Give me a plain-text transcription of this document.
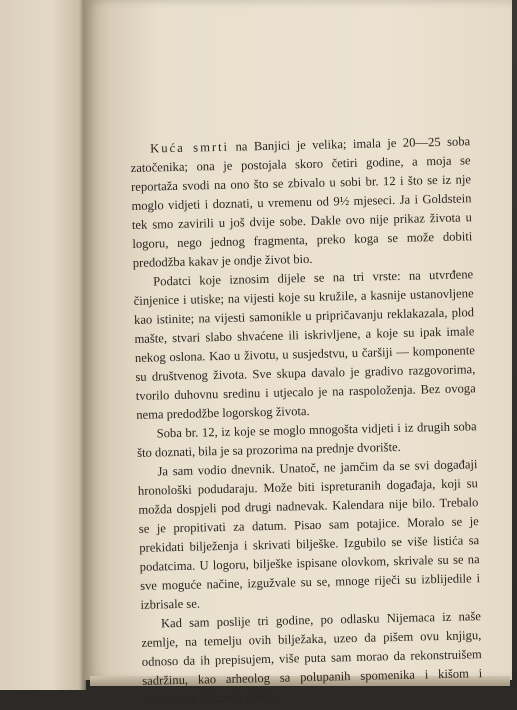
Kuća smrti na Banjici je velika; imala je 20—25 soba zatočenika; ona je postojala skoro četiri godine, a moja se reportaža svodi na ono što se zbivalo u sobi br. 12 i što se iz nje moglo vidjeti i doznati, u vremenu od 9½ mjeseci. Ja i Goldstein tek smo zavirili u još dvije sobe. Dakle ovo nije prikaz života u logoru, nego jednog fragmenta, preko koga se može dobiti predodžba kakav je ondje život bio.

Podatci koje iznosim dijele se na tri vrste: na utvrđene činjenice i utiske; na vijesti koje su kružile, a kasnije ustanovljene kao istinite; na vijesti samonikle u pripričavanju reklakazala, plod mašte, stvari slabo shvaćene ili iskrivljene, a koje su ipak imale nekog oslona. Kao u životu, u susjedstvu, u čaršiji — komponente su društvenog života. Sve skupa davalo je gradivo razgovorima, tvorilo duhovnu sredinu i utjecalo je na raspoloženja. Bez ovoga nema predodžbe logorskog života.

Soba br. 12, iz koje se moglo mnogošta vidjeti i iz drugih soba što doznati, bila je sa prozorima na prednje dvorište.

Ja sam vodio dnevnik. Unatoč, ne jamčim da se svi događaji hronološki podudaraju. Može biti ispreturanih događaja, koji su možda dospjeli pod drugi nadnevak. Kalendara nije bilo. Trebalo se je propitivati za datum. Pisao sam potajice. Moralo se je prekidati bilježenja i skrivati bilješke. Izgubilo se više listića sa podatcima. U logoru, bilješke ispisane olovkom, skrivale su se na sve moguće načine, izgužvale su se, mnoge riječi su izblijedile i izbrisale se.

Kad sam poslije tri godine, po odlasku Nijemaca iz naše zemlje, na temelju ovih bilježaka, uzeo da pišem ovu knjigu, odnoso da ih prepisujem, više puta sam morao da rekonstruišem sadržinu, kao arheolog sa polupanih spomenika i kišom i vremenom izlizanih ploča.
